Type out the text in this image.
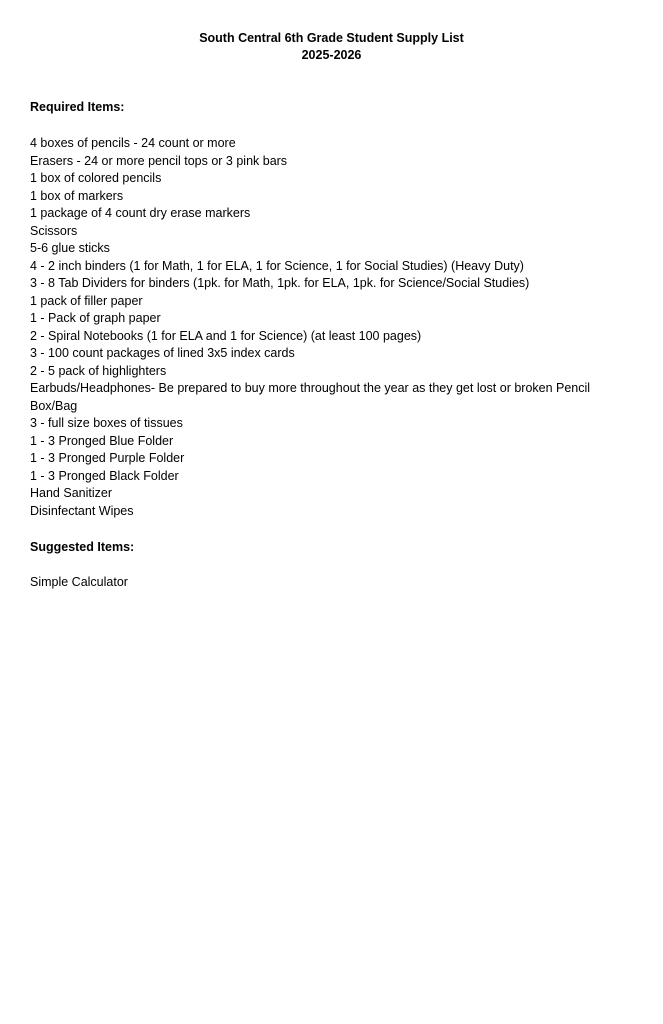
South Central 6th Grade Student Supply List
2025-2026
Required Items:
4 boxes of pencils - 24 count or more
Erasers - 24 or more pencil tops or 3 pink bars
1 box of colored pencils
1 box of markers
1 package of 4 count dry erase markers
Scissors
5-6 glue sticks
4 - 2 inch binders (1 for Math, 1 for ELA, 1 for Science, 1 for Social Studies) (Heavy Duty)
3 - 8 Tab Dividers for binders (1pk. for Math, 1pk. for ELA, 1pk. for Science/Social Studies)
1 pack of filler paper
1 - Pack of graph paper
2 - Spiral Notebooks (1 for ELA and 1 for Science) (at least 100 pages)
3 - 100 count packages of lined 3x5 index cards
2 - 5 pack of highlighters
Earbuds/Headphones- Be prepared to buy more throughout the year as they get lost or broken Pencil Box/Bag
3 - full size boxes of tissues
1 - 3 Pronged Blue Folder
1 - 3 Pronged Purple Folder
1 - 3 Pronged Black Folder
Hand Sanitizer
Disinfectant Wipes
Suggested Items:
Simple Calculator
